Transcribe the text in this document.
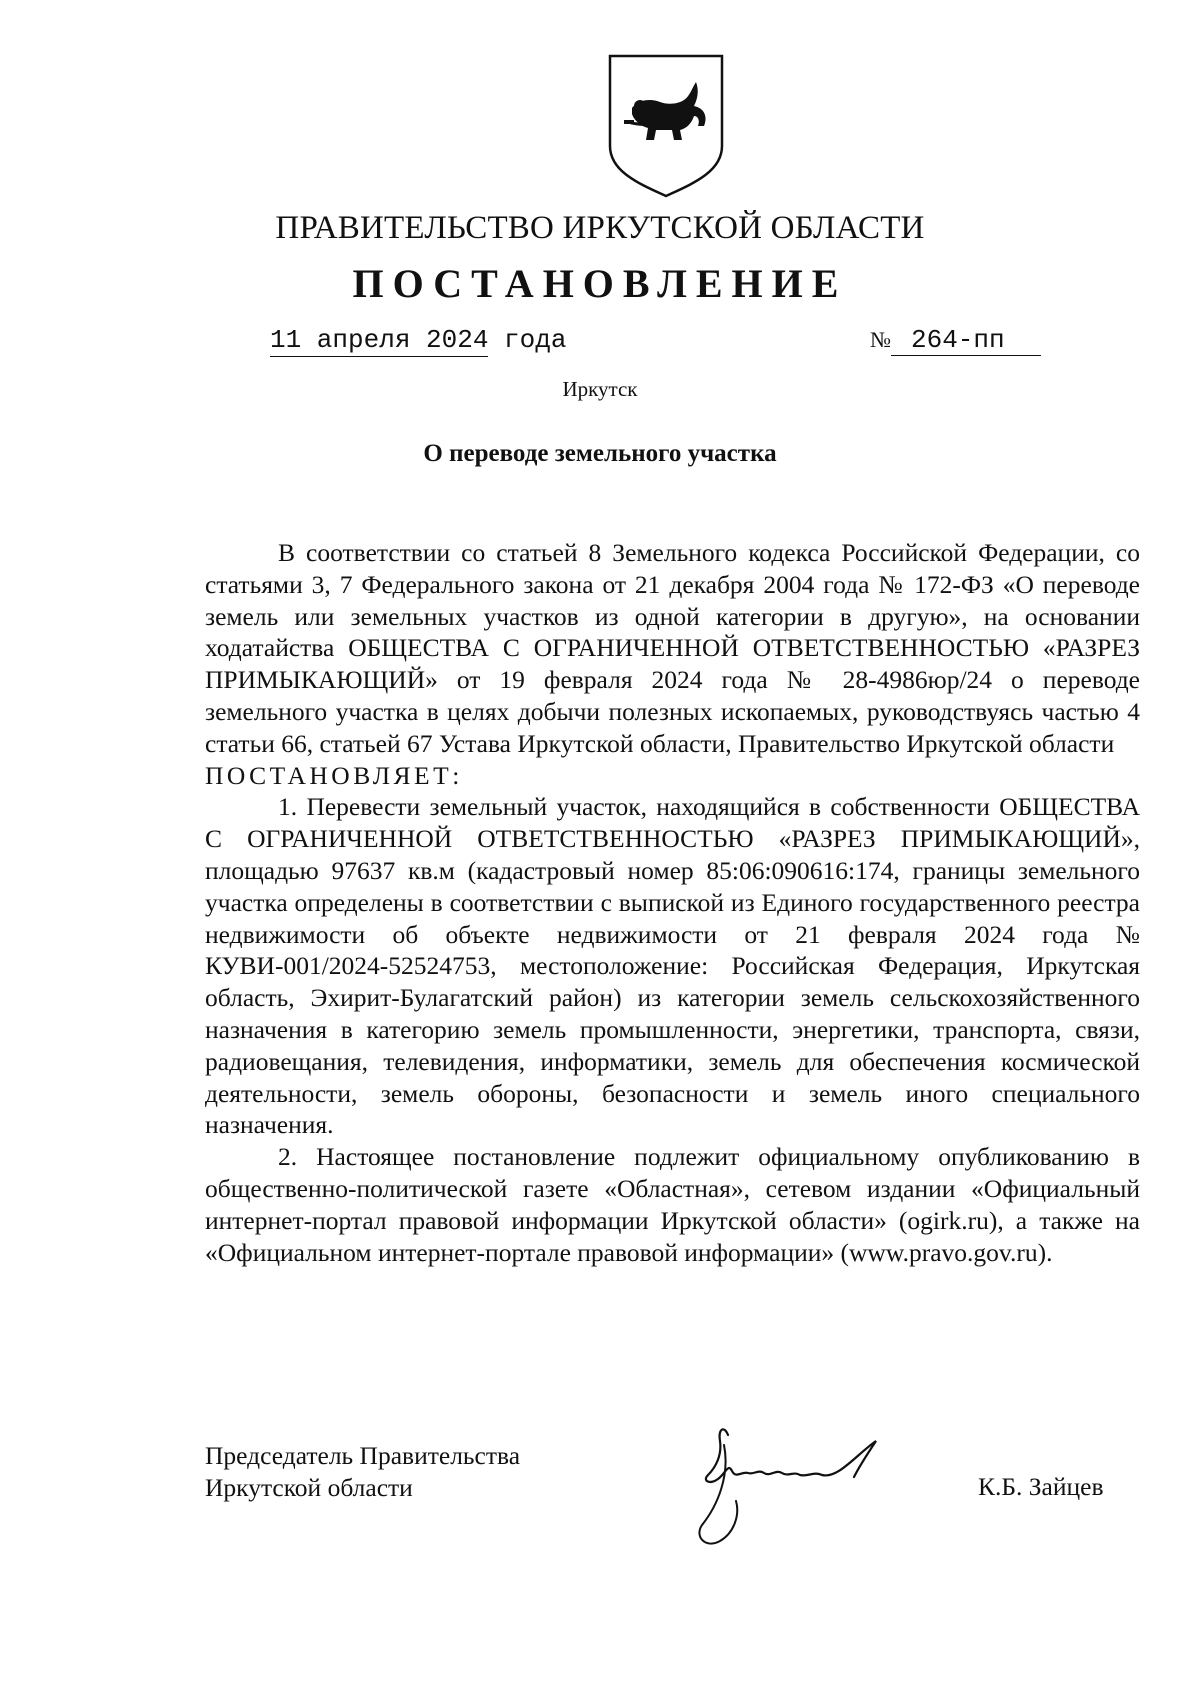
ПРАВИТЕЛЬСТВО ИРКУТСКОЙ ОБЛАСТИ
ПОСТАНОВЛЕНИЕ
11 апреля 2024 года	№ 264-пп
Иркутск
О переводе земельного участка

В соответствии со статьей 8 Земельного кодекса Российской Федерации, со статьями 3, 7 Федерального закона от 21 декабря 2004 года № 172-ФЗ «О переводе земель или земельных участков из одной категории в другую», на основании ходатайства ОБЩЕСТВА С ОГРАНИЧЕННОЙ ОТВЕТСТВЕННОСТЬЮ «РАЗРЕЗ ПРИМЫКАЮЩИЙ» от 19 февраля 2024 года № 28-4986юр/24 о переводе земельного участка в целях добычи полезных ископаемых, руководствуясь частью 4 статьи 66, статьей 67 Устава Иркутской области, Правительство Иркутской области

ПОСТАНОВЛЯЕТ:

1. Перевести земельный участок, находящийся в собственности ОБЩЕСТВА С ОГРАНИЧЕННОЙ ОТВЕТСТВЕННОСТЬЮ «РАЗРЕЗ ПРИМЫКАЮЩИЙ», площадью 97637 кв.м (кадастровый номер 85:06:090616:174, границы земельного участка определены в соответствии с выпиской из Единого государственного реестра недвижимости об объекте недвижимости от 21 февраля 2024 года № КУВИ-001/2024-52524753, местоположение: Российская Федерация, Иркутская область, Эхирит-Булагатский район) из категории земель сельскохозяйственного назначения в категорию земель промышленности, энергетики, транспорта, связи, радиовещания, телевидения, информатики, земель для обеспечения космической деятельности, земель обороны, безопасности и земель иного специального назначения.

2. Настоящее постановление подлежит официальному опубликованию в общественно-политической газете «Областная», сетевом издании «Официальный интернет-портал правовой информации Иркутской области» (ogirk.ru), а также на «Официальном интернет-портале правовой информации» (www.pravo.gov.ru).

Председатель Правительства
Иркутской области	К.Б. Зайцев
